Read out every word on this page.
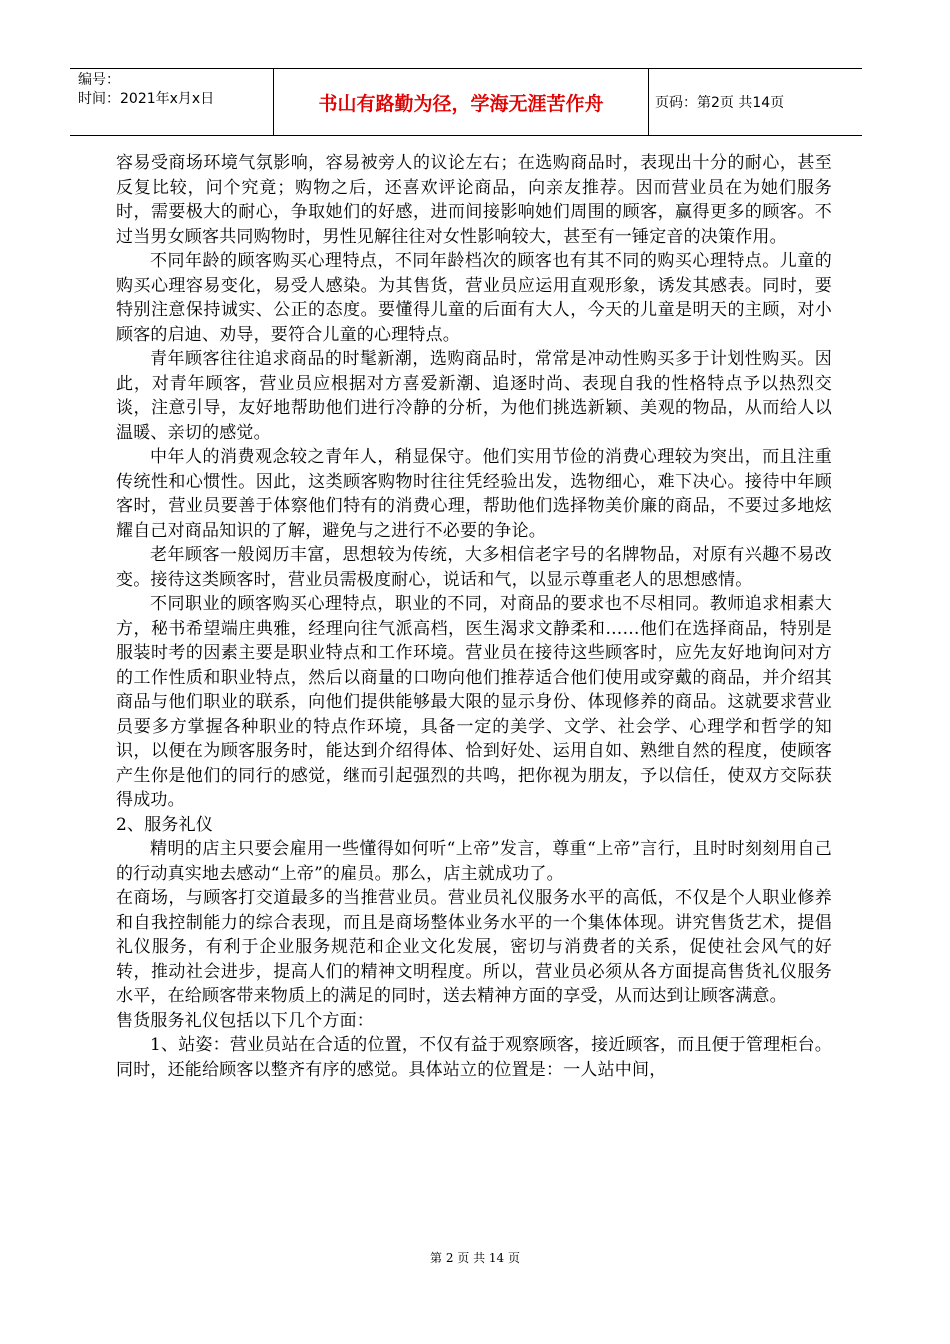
编号：
时间：2021年x月x日	书山有路勤为径，学海无涯苦作舟	页码：第2页 共14页

容易受商场环境气氛影响，容易被旁人的议论左右；在选购商品时，表现出十分的耐心，甚至反复比较，问个究竟；购物之后，还喜欢评论商品，向亲友推荐。因而营业员在为她们服务时，需要极大的耐心，争取她们的好感，进而间接影响她们周围的顾客，赢得更多的顾客。不过当男女顾客共同购物时，男性见解往往对女性影响较大，甚至有一锤定音的决策作用。

不同年龄的顾客购买心理特点，不同年龄档次的顾客也有其不同的购买心理特点。儿童的购买心理容易变化，易受人感染。为其售货，营业员应运用直观形象，诱发其感表。同时，要特别注意保持诚实、公正的态度。要懂得儿童的后面有大人，今天的儿童是明天的主顾，对小顾客的启迪、劝导，要符合儿童的心理特点。

青年顾客往往追求商品的时髦新潮，选购商品时，常常是冲动性购买多于计划性购买。因此，对青年顾客，营业员应根据对方喜爱新潮、追逐时尚、表现自我的性格特点予以热烈交谈，注意引导，友好地帮助他们进行冷静的分析，为他们挑选新颖、美观的物品，从而给人以温暖、亲切的感觉。

中年人的消费观念较之青年人，稍显保守。他们实用节俭的消费心理较为突出，而且注重传统性和心惯性。因此，这类顾客购物时往往凭经验出发，选物细心，难下决心。接待中年顾客时，营业员要善于体察他们特有的消费心理，帮助他们选择物美价廉的商品，不要过多地炫耀自己对商品知识的了解，避免与之进行不必要的争论。

老年顾客一般阅历丰富，思想较为传统，大多相信老字号的名牌物品，对原有兴趣不易改变。接待这类顾客时，营业员需极度耐心，说话和气，以显示尊重老人的思想感情。

不同职业的顾客购买心理特点，职业的不同，对商品的要求也不尽相同。教师追求相素大方，秘书希望端庄典雅，经理向往气派高档，医生渴求文静柔和……他们在选择商品，特别是服装时考的因素主要是职业特点和工作环境。营业员在接待这些顾客时，应先友好地询问对方的工作性质和职业特点，然后以商量的口吻向他们推荐适合他们使用或穿戴的商品，并介绍其商品与他们职业的联系，向他们提供能够最大限的显示身份、体现修养的商品。这就要求营业员要多方掌握各种职业的特点作环境，具备一定的美学、文学、社会学、心理学和哲学的知识，以便在为顾客服务时，能达到介绍得体、恰到好处、运用自如、熟绁自然的程度，使顾客产生你是他们的同行的感觉，继而引起强烈的共鸣，把你视为朋友，予以信任，使双方交际获得成功。

2、服务礼仪

精明的店主只要会雇用一些懂得如何听“上帝”发言，尊重“上帝”言行，且时时刻刻用自己的行动真实地去感动“上帝”的雇员。那么，店主就成功了。

在商场，与顾客打交道最多的当推营业员。营业员礼仪服务水平的高低，不仅是个人职业修养和自我控制能力的综合表现，而且是商场整体业务水平的一个集体体现。讲究售货艺术，提倡礼仪服务，有利于企业服务规范和企业文化发展，密切与消费者的关系，促使社会风气的好转，推动社会进步，提高人们的精神文明程度。所以，营业员必须从各方面提高售货礼仪服务水平，在给顾客带来物质上的满足的同时，送去精神方面的享受，从而达到让顾客满意。

售货服务礼仪包括以下几个方面：

1、站姿：营业员站在合适的位置，不仅有益于观察顾客，接近顾客，而且便于管理柜台。同时，还能给顾客以整齐有序的感觉。具体站立的位置是：一人站中间，

第 2 页 共 14 页
